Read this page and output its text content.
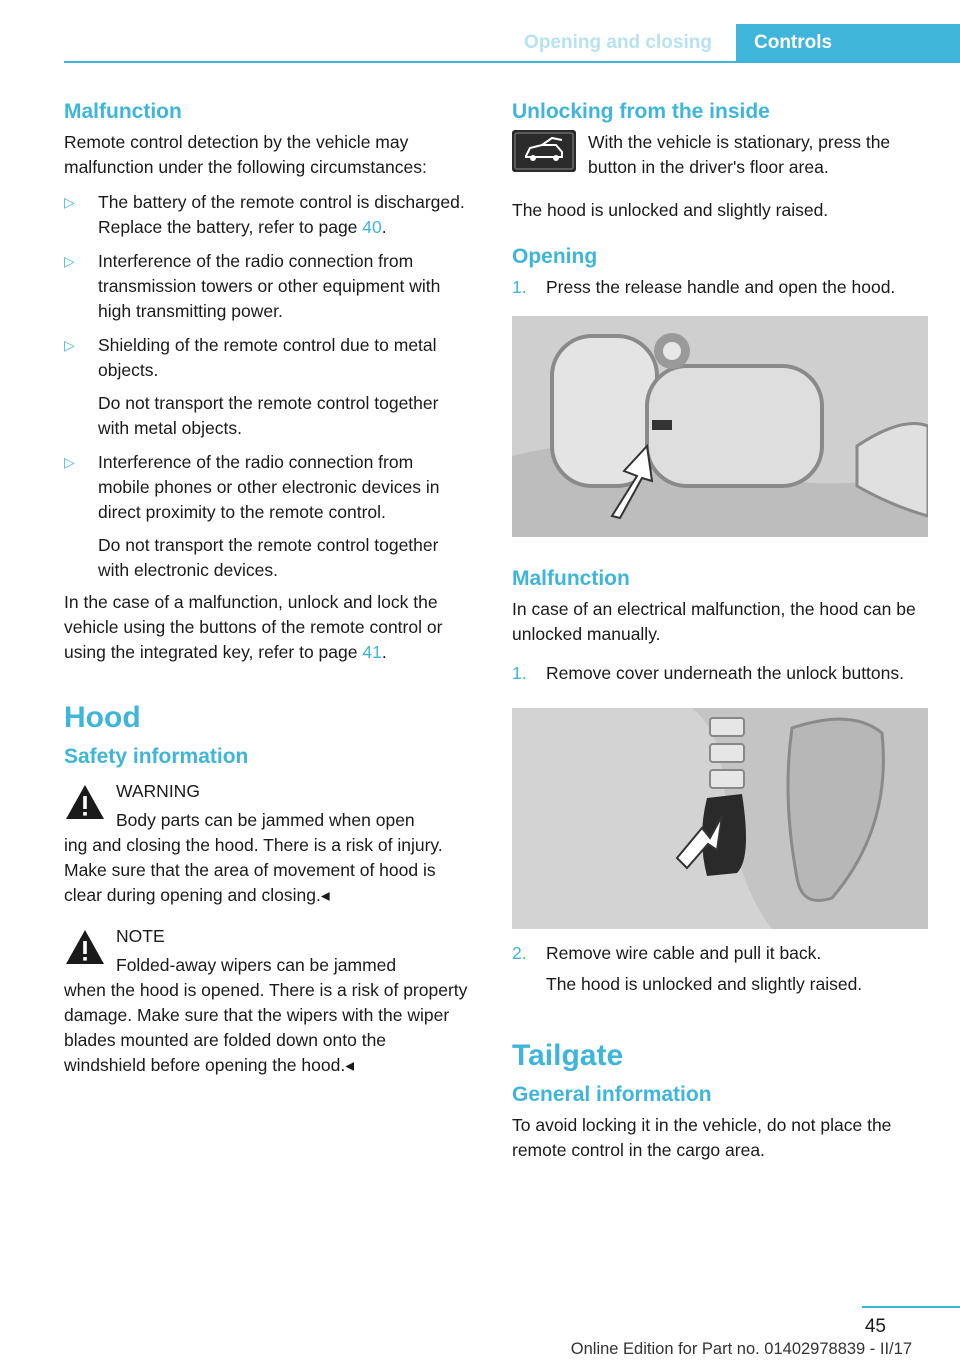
Opening and closing	Controls
Malfunction

Remote control detection by the vehicle may malfunction under the following circumstances:

▷ The battery of the remote control is discharged. Replace the battery, refer to page 40.
▷ Interference of the radio connection from transmission towers or other equipment with high transmitting power.
▷ Shielding of the remote control due to metal objects.
Do not transport the remote control together with metal objects.
▷ Interference of the radio connection from mobile phones or other electronic devices in direct proximity to the remote control.
Do not transport the remote control together with electronic devices.

In the case of a malfunction, unlock and lock the vehicle using the buttons of the remote control or using the integrated key, refer to page 41.

Hood
Safety information
WARNING
Body parts can be jammed when open
ing and closing the hood. There is a risk of injury. Make sure that the area of movement of hood is clear during opening and closing.◂
NOTE
Folded-away wipers can be jammed
when the hood is opened. There is a risk of property damage. Make sure that the wipers with the wiper blades mounted are folded down onto the windshield before opening the hood.◂
Unlocking from the inside
With the vehicle is stationary, press the button in the driver's floor area.

The hood is unlocked and slightly raised.

Opening
1. Press the release handle and open the hood.
Malfunction

In case of an electrical malfunction, the hood can be unlocked manually.

1. Remove cover underneath the unlock buttons.
2. Remove wire cable and pull it back.
The hood is unlocked and slightly raised.
Tailgate
General information

To avoid locking it in the vehicle, do not place the remote control in the cargo area.

45
Online Edition for Part no. 01402978839 - II/17
